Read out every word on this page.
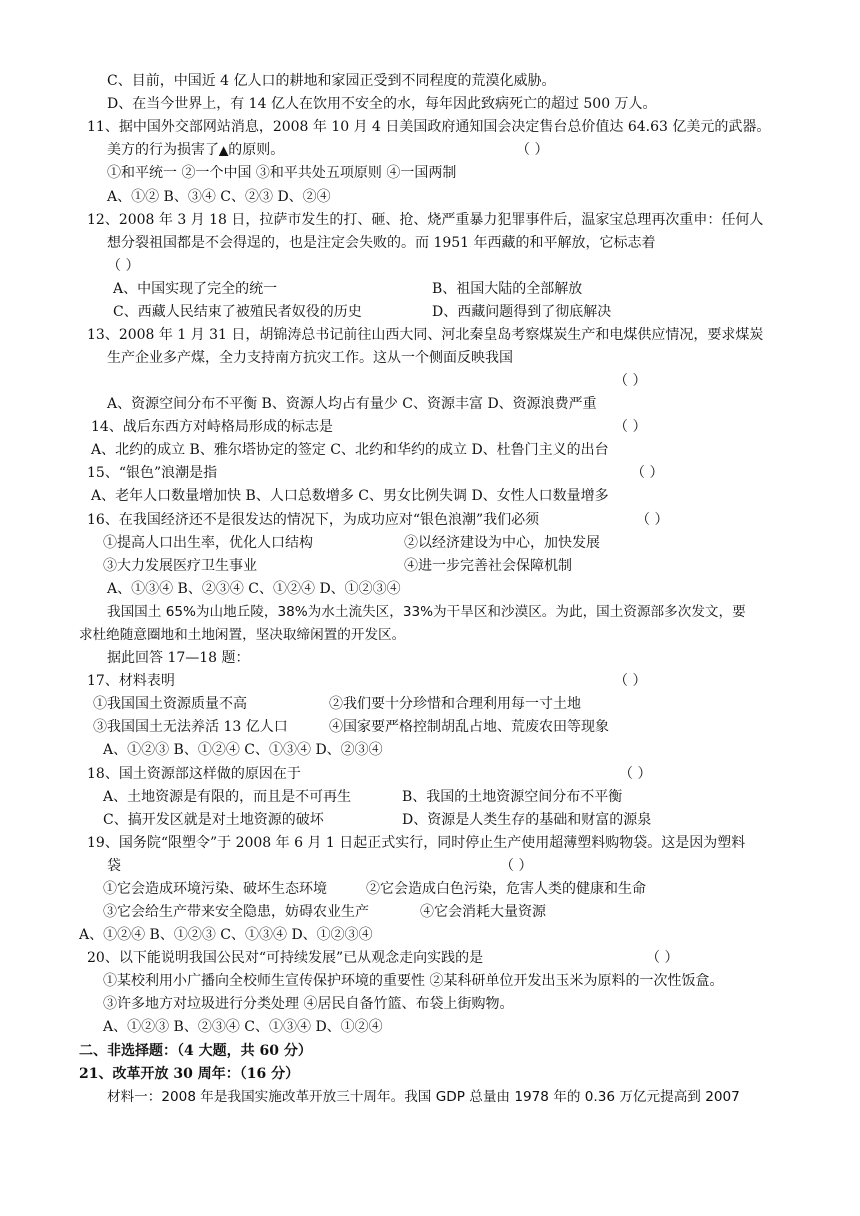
C、目前，中国近 4 亿人口的耕地和家园正受到不同程度的荒漠化威胁。
D、在当今世界上，有 14 亿人在饮用不安全的水，每年因此致病死亡的超过 500 万人。
11、据中国外交部网站消息，2008 年 10 月 4 日美国政府通知国会决定售台总价值达 64.63 亿美元的武器。
美方的行为损害了▲的原则。	（ ）
①和平统一 ②一个中国 ③和平共处五项原则 ④一国两制
A、①② B、③④ C、②③ D、②④
12、2008 年 3 月 18 日，拉萨市发生的打、砸、抢、烧严重暴力犯罪事件后，温家宝总理再次重申：任何人
想分裂祖国都是不会得逞的，也是注定会失败的。而 1951 年西藏的和平解放，它标志着
（ ）
A、中国实现了完全的统一	B、祖国大陆的全部解放
C、西藏人民结束了被殖民者奴役的历史	D、西藏问题得到了彻底解决
13、2008 年 1 月 31 日，胡锦涛总书记前往山西大同、河北秦皇岛考察煤炭生产和电煤供应情况，要求煤炭
生产企业多产煤，全力支持南方抗灾工作。这从一个侧面反映我国
（ ）
A、资源空间分布不平衡 B、资源人均占有量少 C、资源丰富 D、资源浪费严重
14、战后东西方对峙格局形成的标志是	（ ）
A、北约的成立 B、雅尔塔协定的签定 C、北约和华约的成立 D、杜鲁门主义的出台
15、“银色”浪潮是指	（ ）
A、老年人口数量增加快 B、人口总数增多 C、男女比例失调 D、女性人口数量增多
16、在我国经济还不是很发达的情况下，为成功应对“银色浪潮”我们必须	（ ）
①提高人口出生率，优化人口结构	②以经济建设为中心，加快发展
③大力发展医疗卫生事业	④进一步完善社会保障机制
A、①③④ B、②③④ C、①②④ D、①②③④
我国国土 65%为山地丘陵，38%为水土流失区，33%为干旱区和沙漠区。为此，国土资源部多次发文，要
求杜绝随意圈地和土地闲置，坚决取缔闲置的开发区。
据此回答 17—18 题：
17、材料表明	（ ）
①我国国土资源质量不高	②我们要十分珍惜和合理利用每一寸土地
③我国国土无法养活 13 亿人口	④国家要严格控制胡乱占地、荒废农田等现象
A、①②③ B、①②④ C、①③④ D、②③④
18、国土资源部这样做的原因在于	（ ）
A、土地资源是有限的，而且是不可再生	B、我国的土地资源空间分布不平衡
C、搞开发区就是对土地资源的破坏	D、资源是人类生存的基础和财富的源泉
19、国务院“限塑令”于 2008 年 6 月 1 日起正式实行，同时停止生产使用超薄塑料购物袋。这是因为塑料
袋	（ ）
①它会造成环境污染、破坏生态环境	②它会造成白色污染，危害人类的健康和生命
③它会给生产带来安全隐患，妨碍农业生产	④它会消耗大量资源
A、①②④ B、①②③ C、①③④ D、①②③④
20、以下能说明我国公民对“可持续发展”已从观念走向实践的是	（ ）
①某校利用小广播向全校师生宣传保护环境的重要性 ②某科研单位开发出玉米为原料的一次性饭盒。
③许多地方对垃圾进行分类处理 ④居民自备竹篮、布袋上街购物。
A、①②③ B、②③④ C、①③④ D、①②④
二、非选择题：（4 大题，共 60 分）
21、改革开放 30 周年：（16 分）
材料一：2008 年是我国实施改革开放三十周年。我国 GDP 总量由 1978 年的 0.36 万亿元提高到 2007
